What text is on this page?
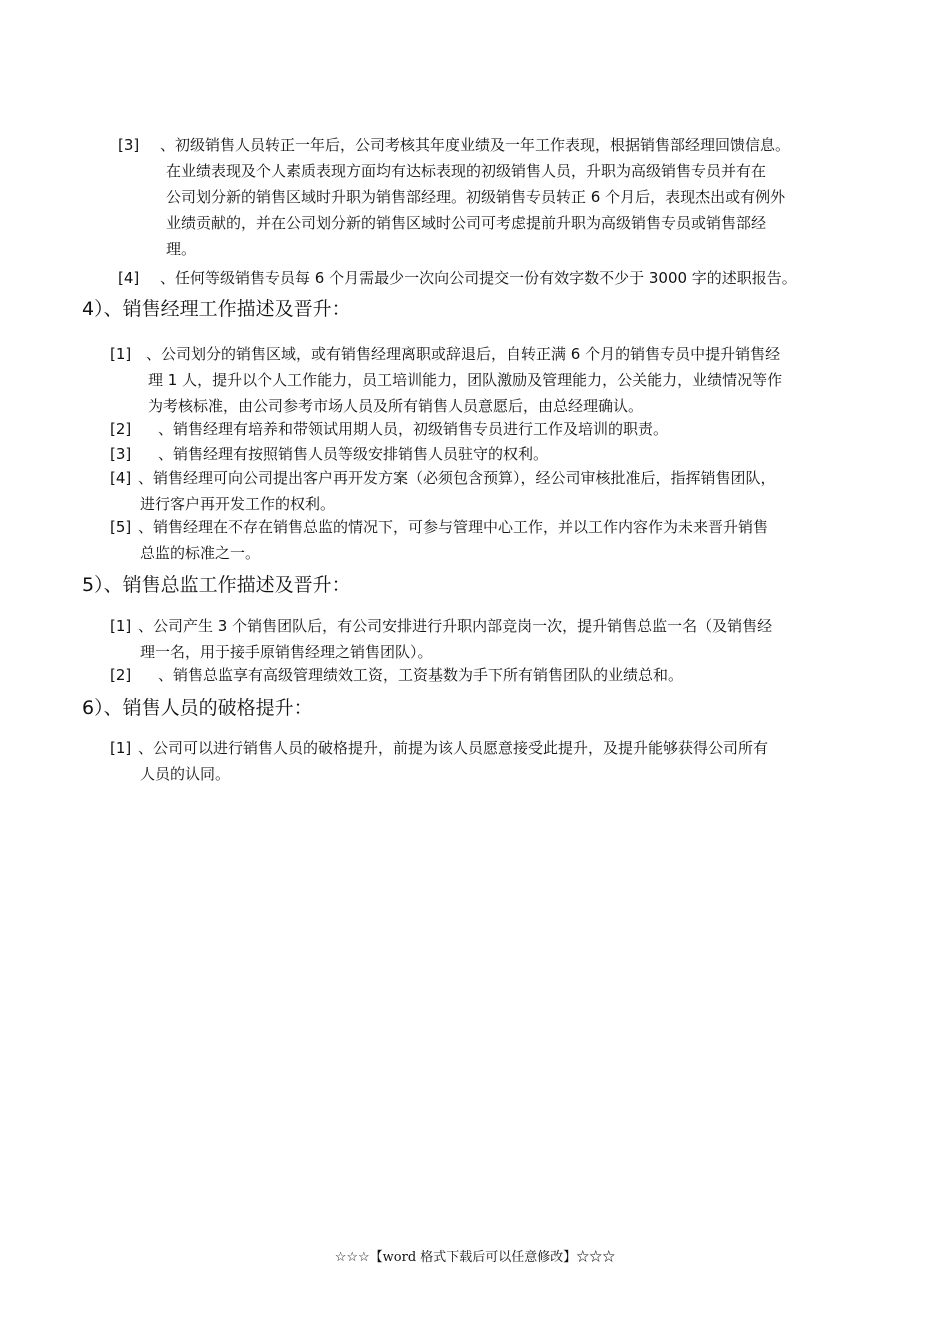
[3] 、初级销售人员转正一年后，公司考核其年度业绩及一年工作表现，根据销售部经理回馈信息。
在业绩表现及个人素质表现方面均有达标表现的初级销售人员，升职为高级销售专员并有在
公司划分新的销售区域时升职为销售部经理。初级销售专员转正 6 个月后，表现杰出或有例外
业绩贡献的，并在公司划分新的销售区域时公司可考虑提前升职为高级销售专员或销售部经
理。
[4] 、任何等级销售专员每 6 个月需最少一次向公司提交一份有效字数不少于 3000 字的述职报告。
4）、销售经理工作描述及晋升：
[1] 、公司划分的销售区域，或有销售经理离职或辞退后，自转正满 6 个月的销售专员中提升销售经
理 1 人，提升以个人工作能力，员工培训能力，团队激励及管理能力，公关能力，业绩情况等作
为考核标准，由公司参考市场人员及所有销售人员意愿后，由总经理确认。
[2] 、销售经理有培养和带领试用期人员，初级销售专员进行工作及培训的职责。
[3] 、销售经理有按照销售人员等级安排销售人员驻守的权利。
[4] 、销售经理可向公司提出客户再开发方案（必须包含预算），经公司审核批准后，指挥销售团队，
进行客户再开发工作的权利。
[5] 、销售经理在不存在销售总监的情况下，可参与管理中心工作，并以工作内容作为未来晋升销售
总监的标准之一。
5）、销售总监工作描述及晋升：
[1] 、公司产生 3 个销售团队后，有公司安排进行升职内部竞岗一次，提升销售总监一名（及销售经
理一名，用于接手原销售经理之销售团队）。
[2] 、销售总监享有高级管理绩效工资，工资基数为手下所有销售团队的业绩总和。
6）、销售人员的破格提升：
[1] 、公司可以进行销售人员的破格提升，前提为该人员愿意接受此提升，及提升能够获得公司所有
人员的认同。
☆☆☆【word 格式下载后可以任意修改】☆☆☆
